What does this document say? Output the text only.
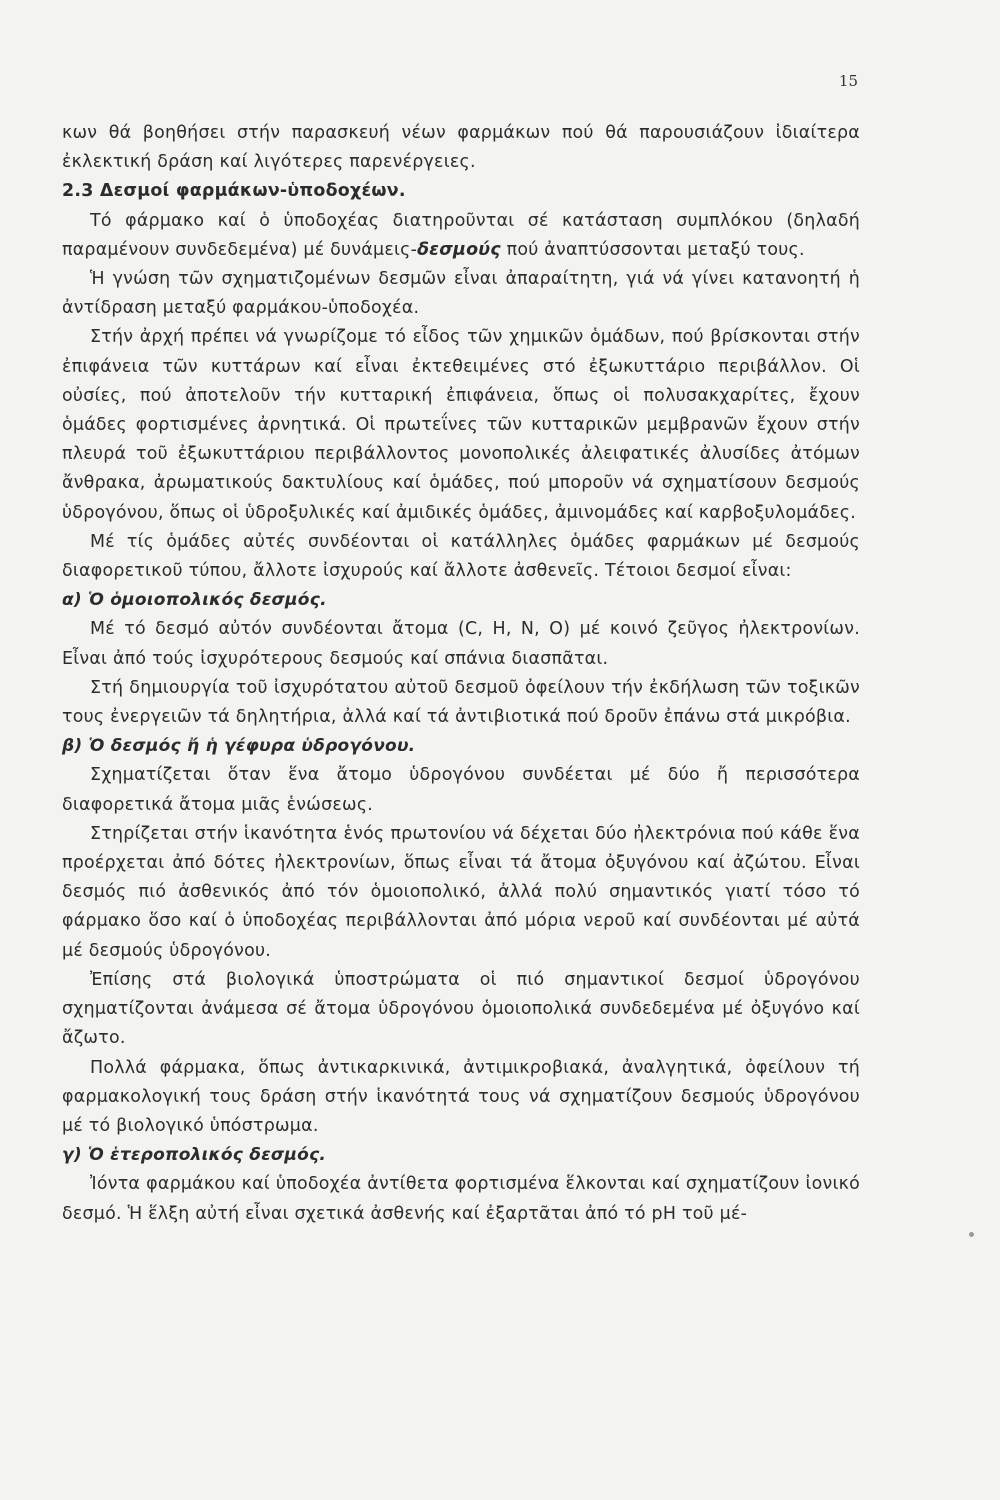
15

κων θά βοηθήσει στήν παρασκευή νέων φαρμάκων πού θά παρουσιάζουν ἰδιαίτερα ἐκλεκτική δράση καί λιγότερες παρενέργειες.

2.3 Δεσμοί φαρμάκων-ὑποδοχέων.

Τό φάρμακο καί ὁ ὑποδοχέας διατηροῦνται σέ κατάσταση συμπλόκου (δηλαδή παραμένουν συνδεδεμένα) μέ δυνάμεις-δεσμούς πού ἀναπτύσσονται μεταξύ τους.

Ἡ γνώση τῶν σχηματιζομένων δεσμῶν εἶναι ἀπαραίτητη, γιά νά γίνει κατανοητή ἡ ἀντίδραση μεταξύ φαρμάκου-ὑποδοχέα.

Στήν ἀρχή πρέπει νά γνωρίζομε τό εἶδος τῶν χημικῶν ὁμάδων, πού βρίσκονται στήν ἐπιφάνεια τῶν κυττάρων καί εἶναι ἐκτεθειμένες στό ἐξωκυττάριο περιβάλλον. Οἱ οὐσίες, πού ἀποτελοῦν τήν κυτταρική ἐπιφάνεια, ὅπως οἱ πολυσακχαρίτες, ἔχουν ὁμάδες φορτισμένες ἀρνητικά. Οἱ πρωτεΐνες τῶν κυτταρικῶν μεμβρανῶν ἔχουν στήν πλευρά τοῦ ἐξωκυττάριου περιβάλλοντος μονοπολικές ἀλειφατικές ἀλυσίδες ἀτόμων ἄνθρακα, ἀρωματικούς δακτυλίους καί ὁμάδες, πού μποροῦν νά σχηματίσουν δεσμούς ὑδρογόνου, ὅπως οἱ ὑδροξυλικές καί ἀμιδικές ὁμάδες, ἀμινομάδες καί καρβοξυλομάδες.

Μέ τίς ὁμάδες αὐτές συνδέονται οἱ κατάλληλες ὁμάδες φαρμάκων μέ δεσμούς διαφορετικοῦ τύπου, ἄλλοτε ἰσχυρούς καί ἄλλοτε ἀσθενεῖς. Τέτοιοι δεσμοί εἶναι:

α) Ὁ ὁμοιοπολικός δεσμός.

Μέ τό δεσμό αὐτόν συνδέονται ἄτομα (C, H, N, O) μέ κοινό ζεῦγος ἠλεκτρονίων. Εἶναι ἀπό τούς ἰσχυρότερους δεσμούς καί σπάνια διασπᾶται.

Στή δημιουργία τοῦ ἰσχυρότατου αὐτοῦ δεσμοῦ ὀφείλουν τήν ἐκδήλωση τῶν τοξικῶν τους ἐνεργειῶν τά δηλητήρια, ἀλλά καί τά ἀντιβιοτικά πού δροῦν ἐπάνω στά μικρόβια.

β) Ὁ δεσμός ἤ ἡ γέφυρα ὑδρογόνου.

Σχηματίζεται ὅταν ἕνα ἄτομο ὑδρογόνου συνδέεται μέ δύο ἤ περισσότερα διαφορετικά ἄτομα μιᾶς ἑνώσεως.

Στηρίζεται στήν ἱκανότητα ἑνός πρωτονίου νά δέχεται δύο ἠλεκτρόνια πού κάθε ἕνα προέρχεται ἀπό δότες ἠλεκτρονίων, ὅπως εἶναι τά ἄτομα ὀξυγόνου καί ἀζώτου. Εἶναι δεσμός πιό ἀσθενικός ἀπό τόν ὁμοιοπολικό, ἀλλά πολύ σημαντικός γιατί τόσο τό φάρμακο ὅσο καί ὁ ὑποδοχέας περιβάλλονται ἀπό μόρια νεροῦ καί συνδέονται μέ αὐτά μέ δεσμούς ὑδρογόνου.

Ἐπίσης στά βιολογικά ὑποστρώματα οἱ πιό σημαντικοί δεσμοί ὑδρογόνου σχηματίζονται ἀνάμεσα σέ ἄτομα ὑδρογόνου ὁμοιοπολικά συνδεδεμένα μέ ὀξυγόνο καί ἄζωτο.

Πολλά φάρμακα, ὅπως ἀντικαρκινικά, ἀντιμικροβιακά, ἀναλγητικά, ὀφείλουν τή φαρμακολογική τους δράση στήν ἱκανότητά τους νά σχηματίζουν δεσμούς ὑδρογόνου μέ τό βιολογικό ὑπόστρωμα.

γ) Ὁ ἑτεροπολικός δεσμός.

Ἰόντα φαρμάκου καί ὑποδοχέα ἀντίθετα φορτισμένα ἕλκονται καί σχηματίζουν ἰονικό δεσμό. Ἡ ἕλξη αὐτή εἶναι σχετικά ἀσθενής καί ἐξαρτᾶται ἀπό τό pH τοῦ μέ-
